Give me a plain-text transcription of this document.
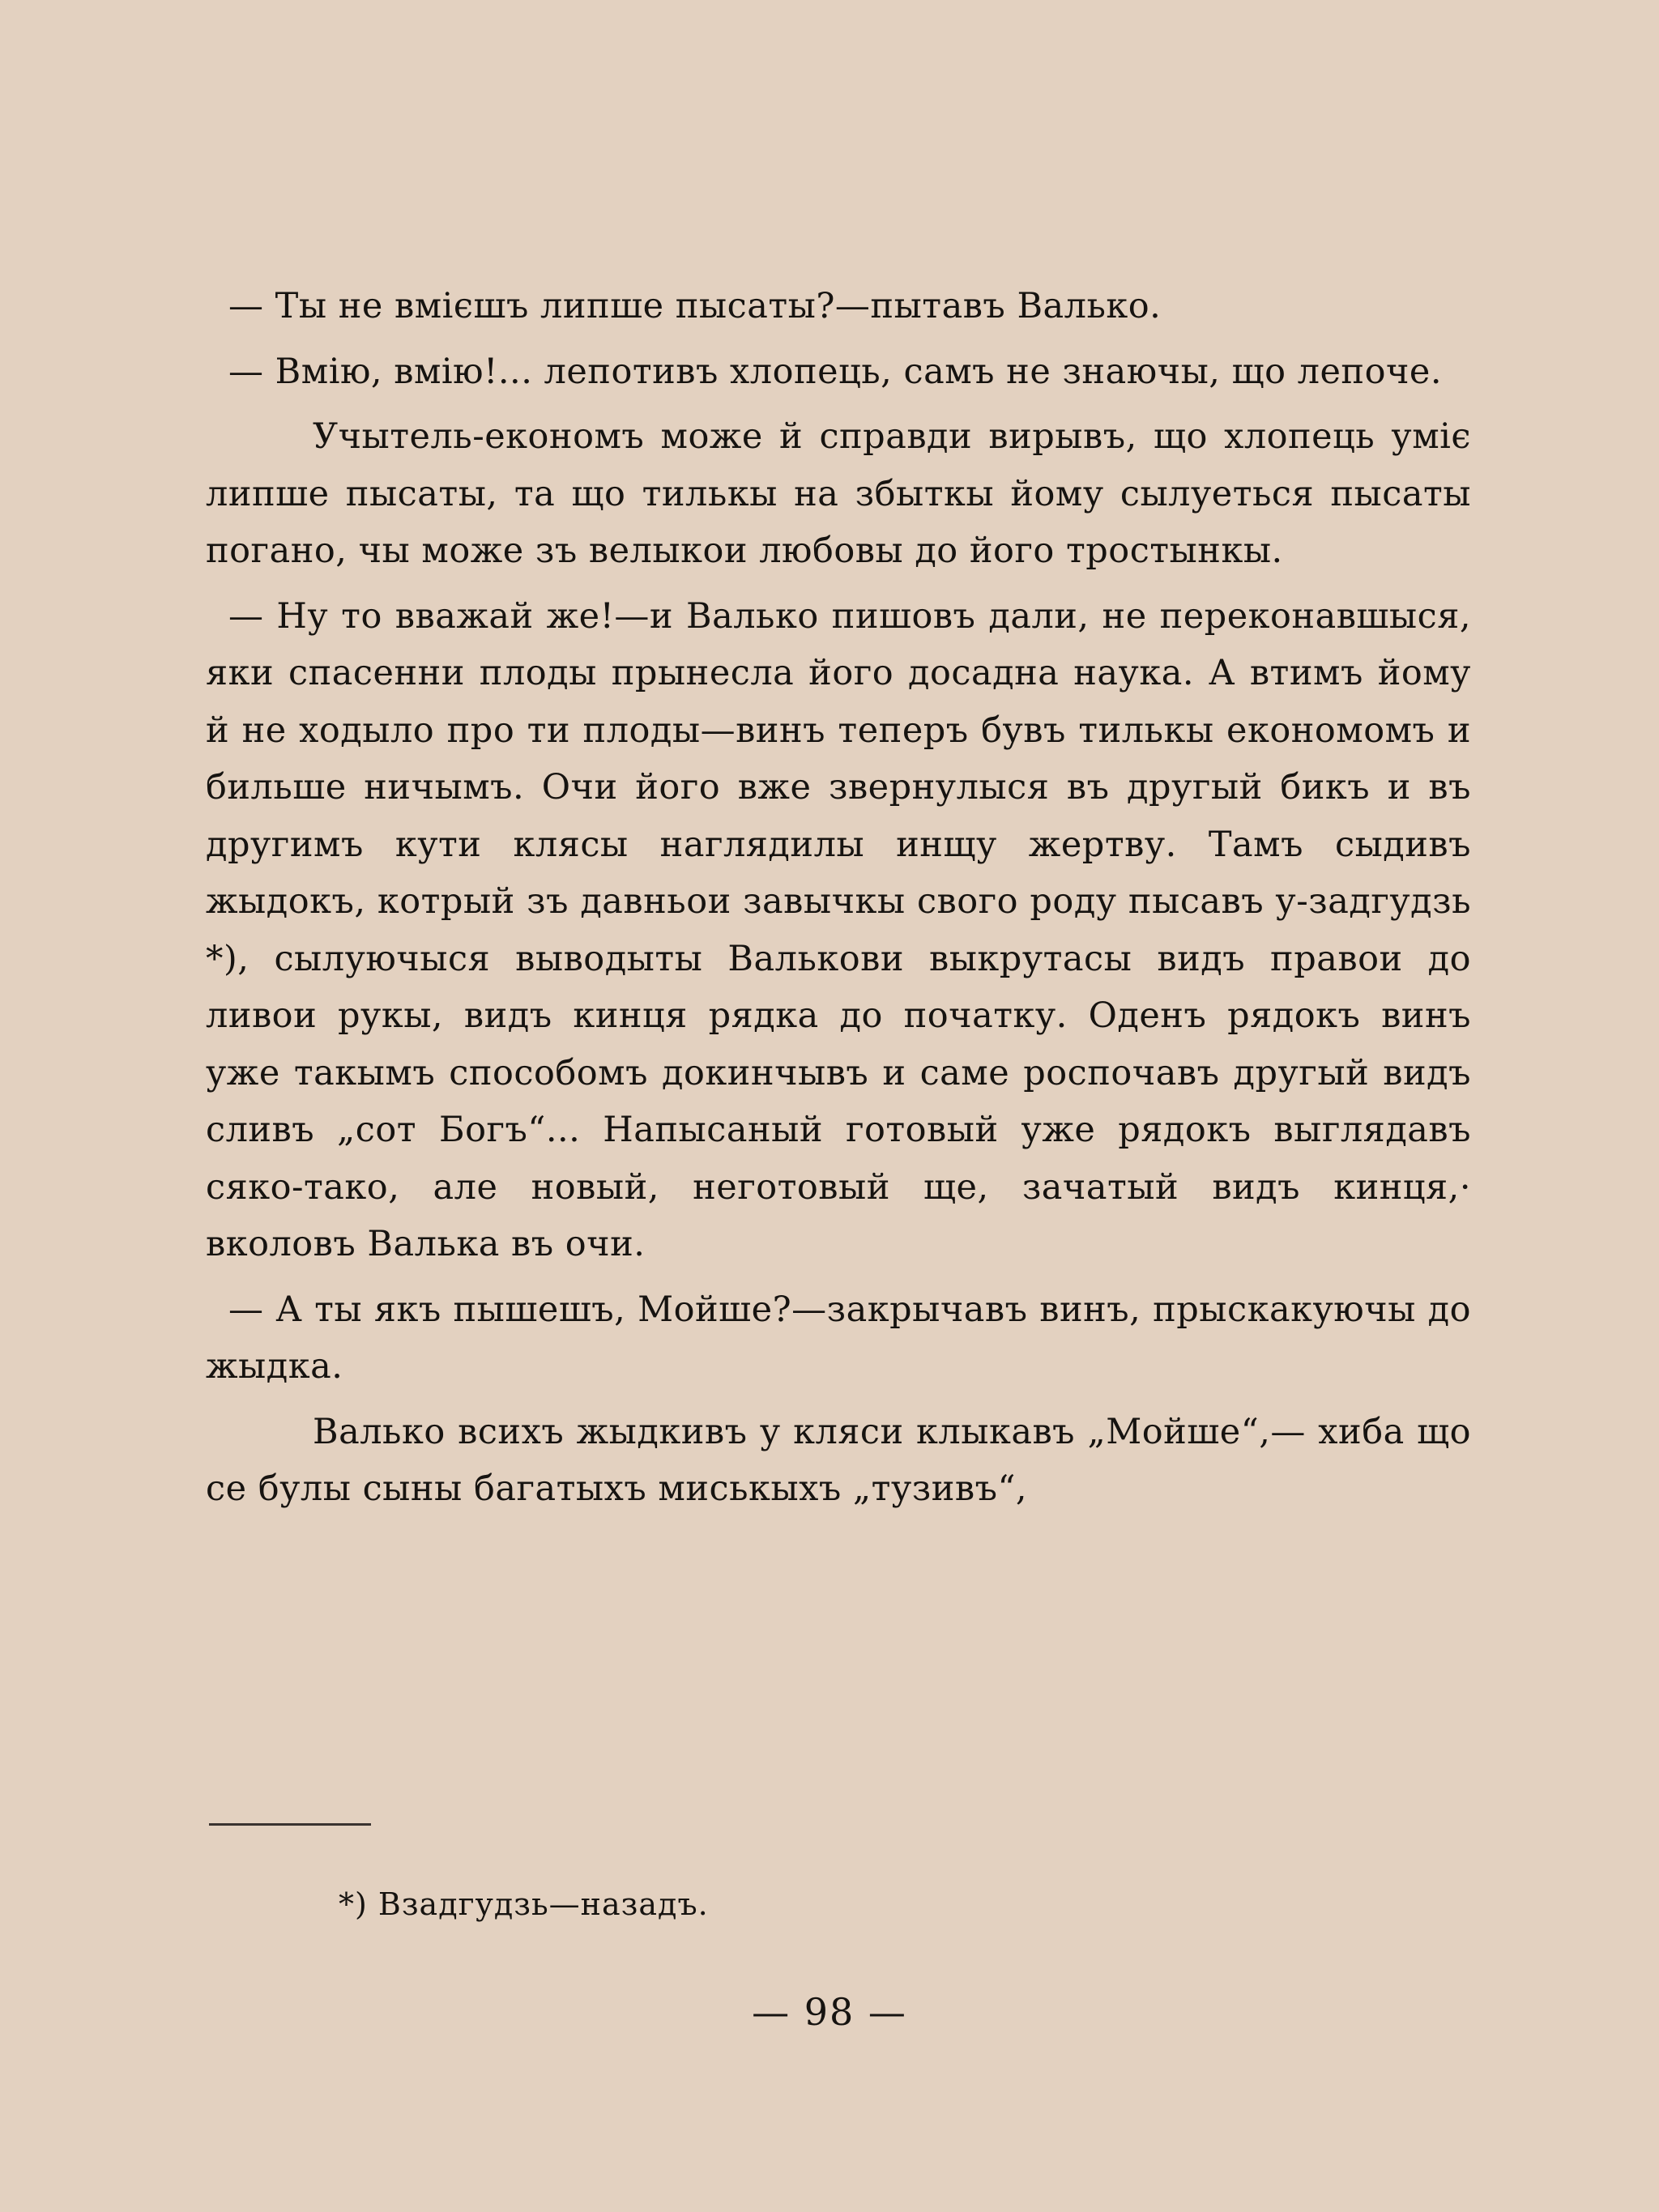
— Ты не вмієшъ липше пысаты?—пытавъ Валько.

— Вмію, вмію!... лепотивъ хлопець, самъ не знаючы, що лепоче.

Учытель-економъ може й справди вирывъ, що хлопець уміє липше пысаты, та що тилькы на збыткы йому сылуеться пысаты погано, чы може зъ велыкои любовы до його тростынкы.

— Ну то вважай же!—и Валько пишовъ дали, не переконавшыся, яки спасенни плоды прынесла його досадна наука. А втимъ йому й не ходыло про ти плоды—винъ теперъ бувъ тилькы економомъ и бильше ничымъ. Очи його вже звернулыся въ другый бикъ и въ другимъ кути клясы наглядилы инщу жертву. Тамъ сыдивъ жыдокъ, котрый зъ давньои завычкы свого роду пысавъ у-задгудзь *), сылуючыся выводыты Валькови выкрутасы видъ правои до ливои рукы, видъ кинця рядка до початку. Оденъ рядокъ винъ уже такымъ способомъ докинчывъ и саме роспочавъ другый видъ сливъ „сот Богъ“... Напысаный готовый уже рядокъ выглядавъ сяко-тако, але новый, неготовый ще, зачатый видъ кинця,· вколовъ Валька въ очи.

— А ты якъ пышешъ, Мойше?—закрычавъ винъ, прыскакуючы до жыдка.

Валько всихъ жыдкивъ у кляси клыкавъ „Мойше“,— хиба що се булы сыны багатыхъ миськыхъ „тузивъ“,

*) Взадгудзь—назадъ.
— 98 —
